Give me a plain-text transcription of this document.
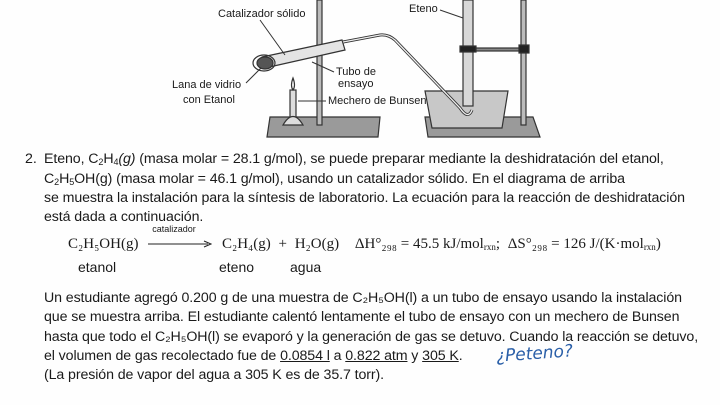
Catalizador sólido	Eteno
Lana de vidrio
con Etanol
Tubo de
ensayo
Mechero de Bunsen
2. Eteno, $C_2H_4(g)$ (masa molar = 28.1 g/mol), se puede preparar mediante la deshidratación del etanol,
$C_2H_5OH(g)$ (masa molar = 46.1 g/mol), usando un catalizador sólido. En el diagrama de arriba
se muestra la instalación para la síntesis de laboratorio. La ecuación para la reacción de deshidratación
está dada a continuación.
C₂H₅OH(g)
catalizador
C₂H₄(g) + H₂O(g) ΔH°₂₉₈ = 45.5 kJ/mol$_{rxn}$; ΔS°₂₉₈ = 126 J/(K·mol$_{rxn}$)
etanol	eteno	agua
Un estudiante agregó 0.200 g de una muestra de C₂H₅OH(l) a un tubo de ensayo usando la instalación
que se muestra arriba. El estudiante calentó lentamente el tubo de ensayo con un mechero de Bunsen
hasta que todo el C₂H₅OH(l) se evaporó y la generación de gas se detuvo. Cuando la reacción se detuvo,
el volumen de gas recolectado fue de 0.0854 l a 0.822 atm y 305 K.
(La presión de vapor del agua a 305 K es de 35.7 torr).
¿Peteno?
